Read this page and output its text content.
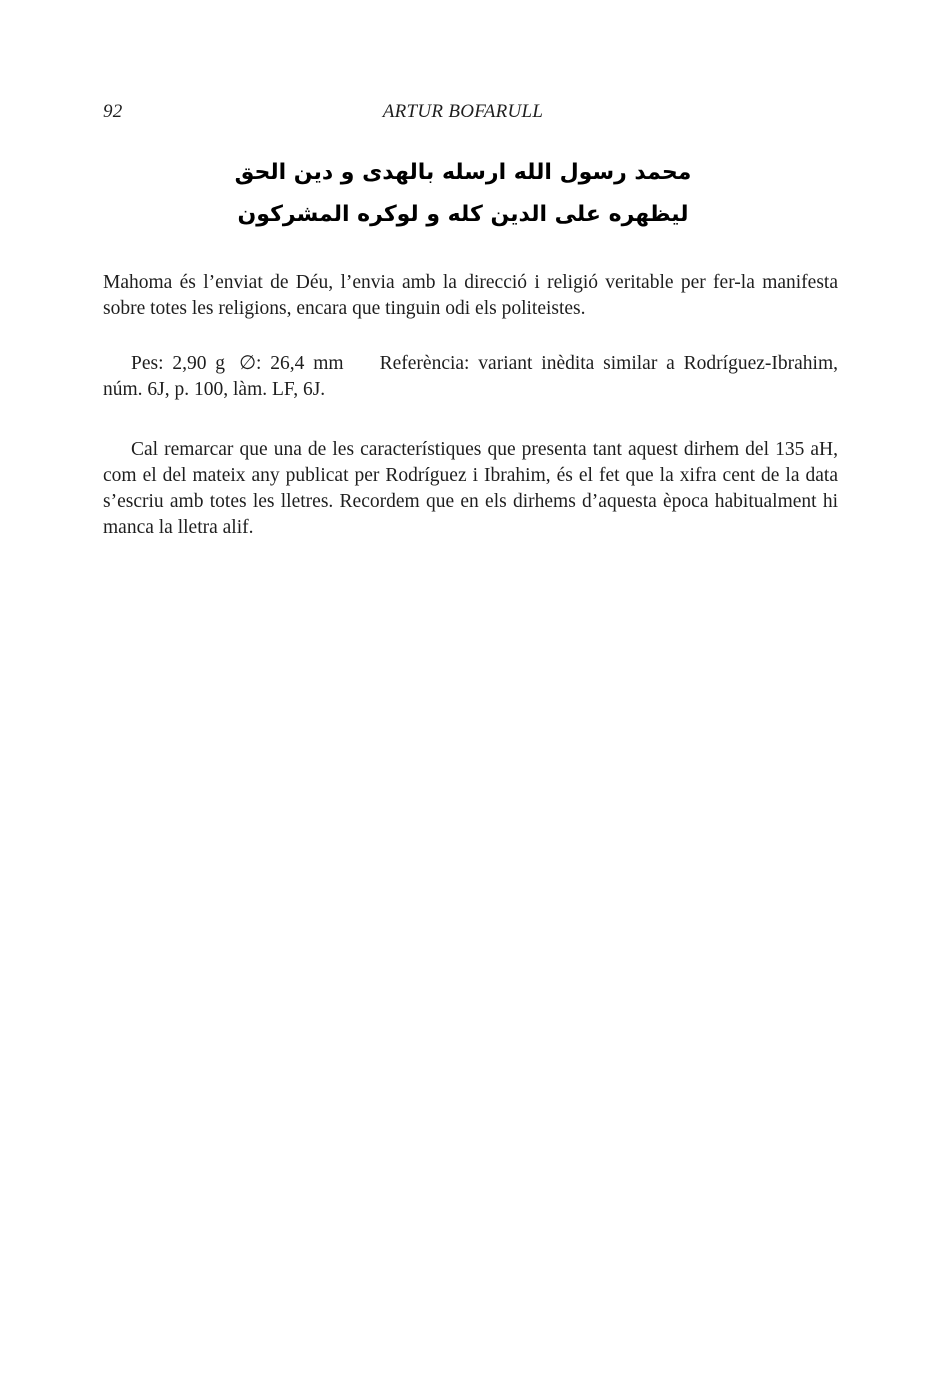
92	ARTUR BOFARULL
محمد رسول الله ارسله بالهدى و دين الحق
ليظهره على الدين كله و لوكره المشركون

Mahoma és l’enviat de Déu, l’envia amb la direcció i religió veritable per fer-la manifesta sobre totes les religions, encara que tinguin odi els politeistes.

Pes: 2,90 g ∅: 26,4 mm Referència: variant inèdita similar a Rodríguez-Ibrahim, núm. 6J, p. 100, làm. LF, 6J.

Cal remarcar que una de les característiques que presenta tant aquest dirhem del 135 aH, com el del mateix any publicat per Rodríguez i Ibrahim, és el fet que la xifra cent de la data s’escriu amb totes les lletres. Recordem que en els dirhems d’aquesta època habitualment hi manca la lletra alif.
